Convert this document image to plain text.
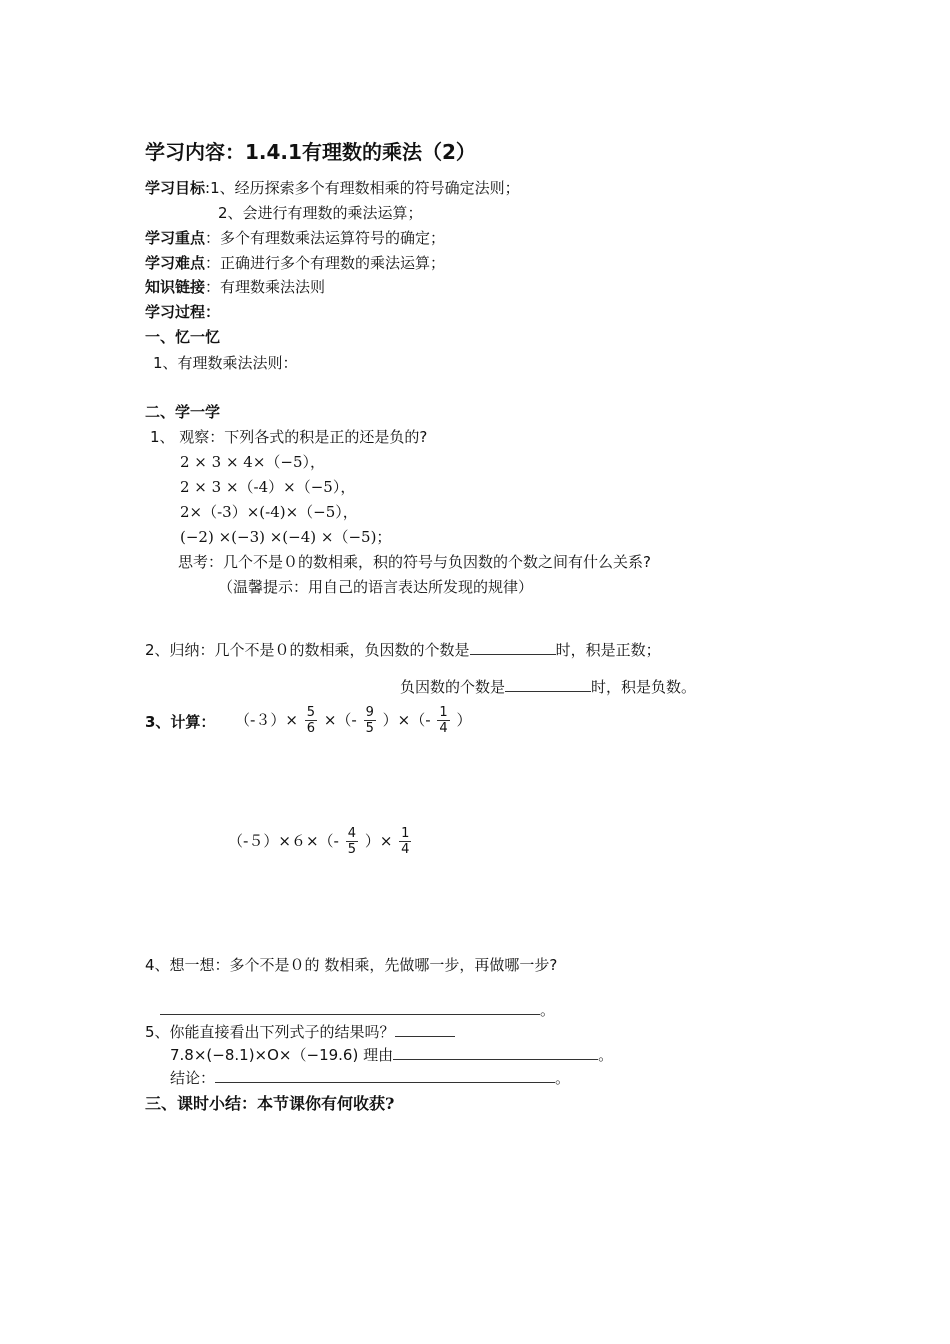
学习内容：1.4.1有理数的乘法（2）
学习目标:1、经历探索多个有理数相乘的符号确定法则；
2、会进行有理数的乘法运算；
学习重点：多个有理数乘法运算符号的确定；
学习难点：正确进行多个有理数的乘法运算；
知识链接：有理数乘法法则
学习过程：
一、忆一忆
1、有理数乘法法则：
二、学一学
1、 观察：下列各式的积是正的还是负的?
2 × 3 × 4×（−5），
2 × 3 ×（-4）×（−5），
2×（-3）×(-4)×（−5），
(−2) ×(−3) ×(−4) ×（−5)；
思考：几个不是０的数相乘，积的符号与负因数的个数之间有什么关系?
（温馨提示：用自己的语言表达所发现的规律）
2、归纳：几个不是０的数相乘，负因数的个数是	时，积是正数；
负因数的个数是	时，积是负数。
3、计算： $(-3)\times \frac{5}{6}$ ×（- $\frac{9}{5}$ ）×（- $\frac{1}{4}$ ）
$(-5)\times 6\times(- \frac{4}{5}$ ）× $\frac{1}{4}$
4、想一想：多个不是０的 数相乘，先做哪一步，再做哪一步?
。
5、你能直接看出下列式子的结果吗？
7.8×(−8.1)×O×（−19.6) 理由	。
结论：	。
三、课时小结：本节课你有何收获?
